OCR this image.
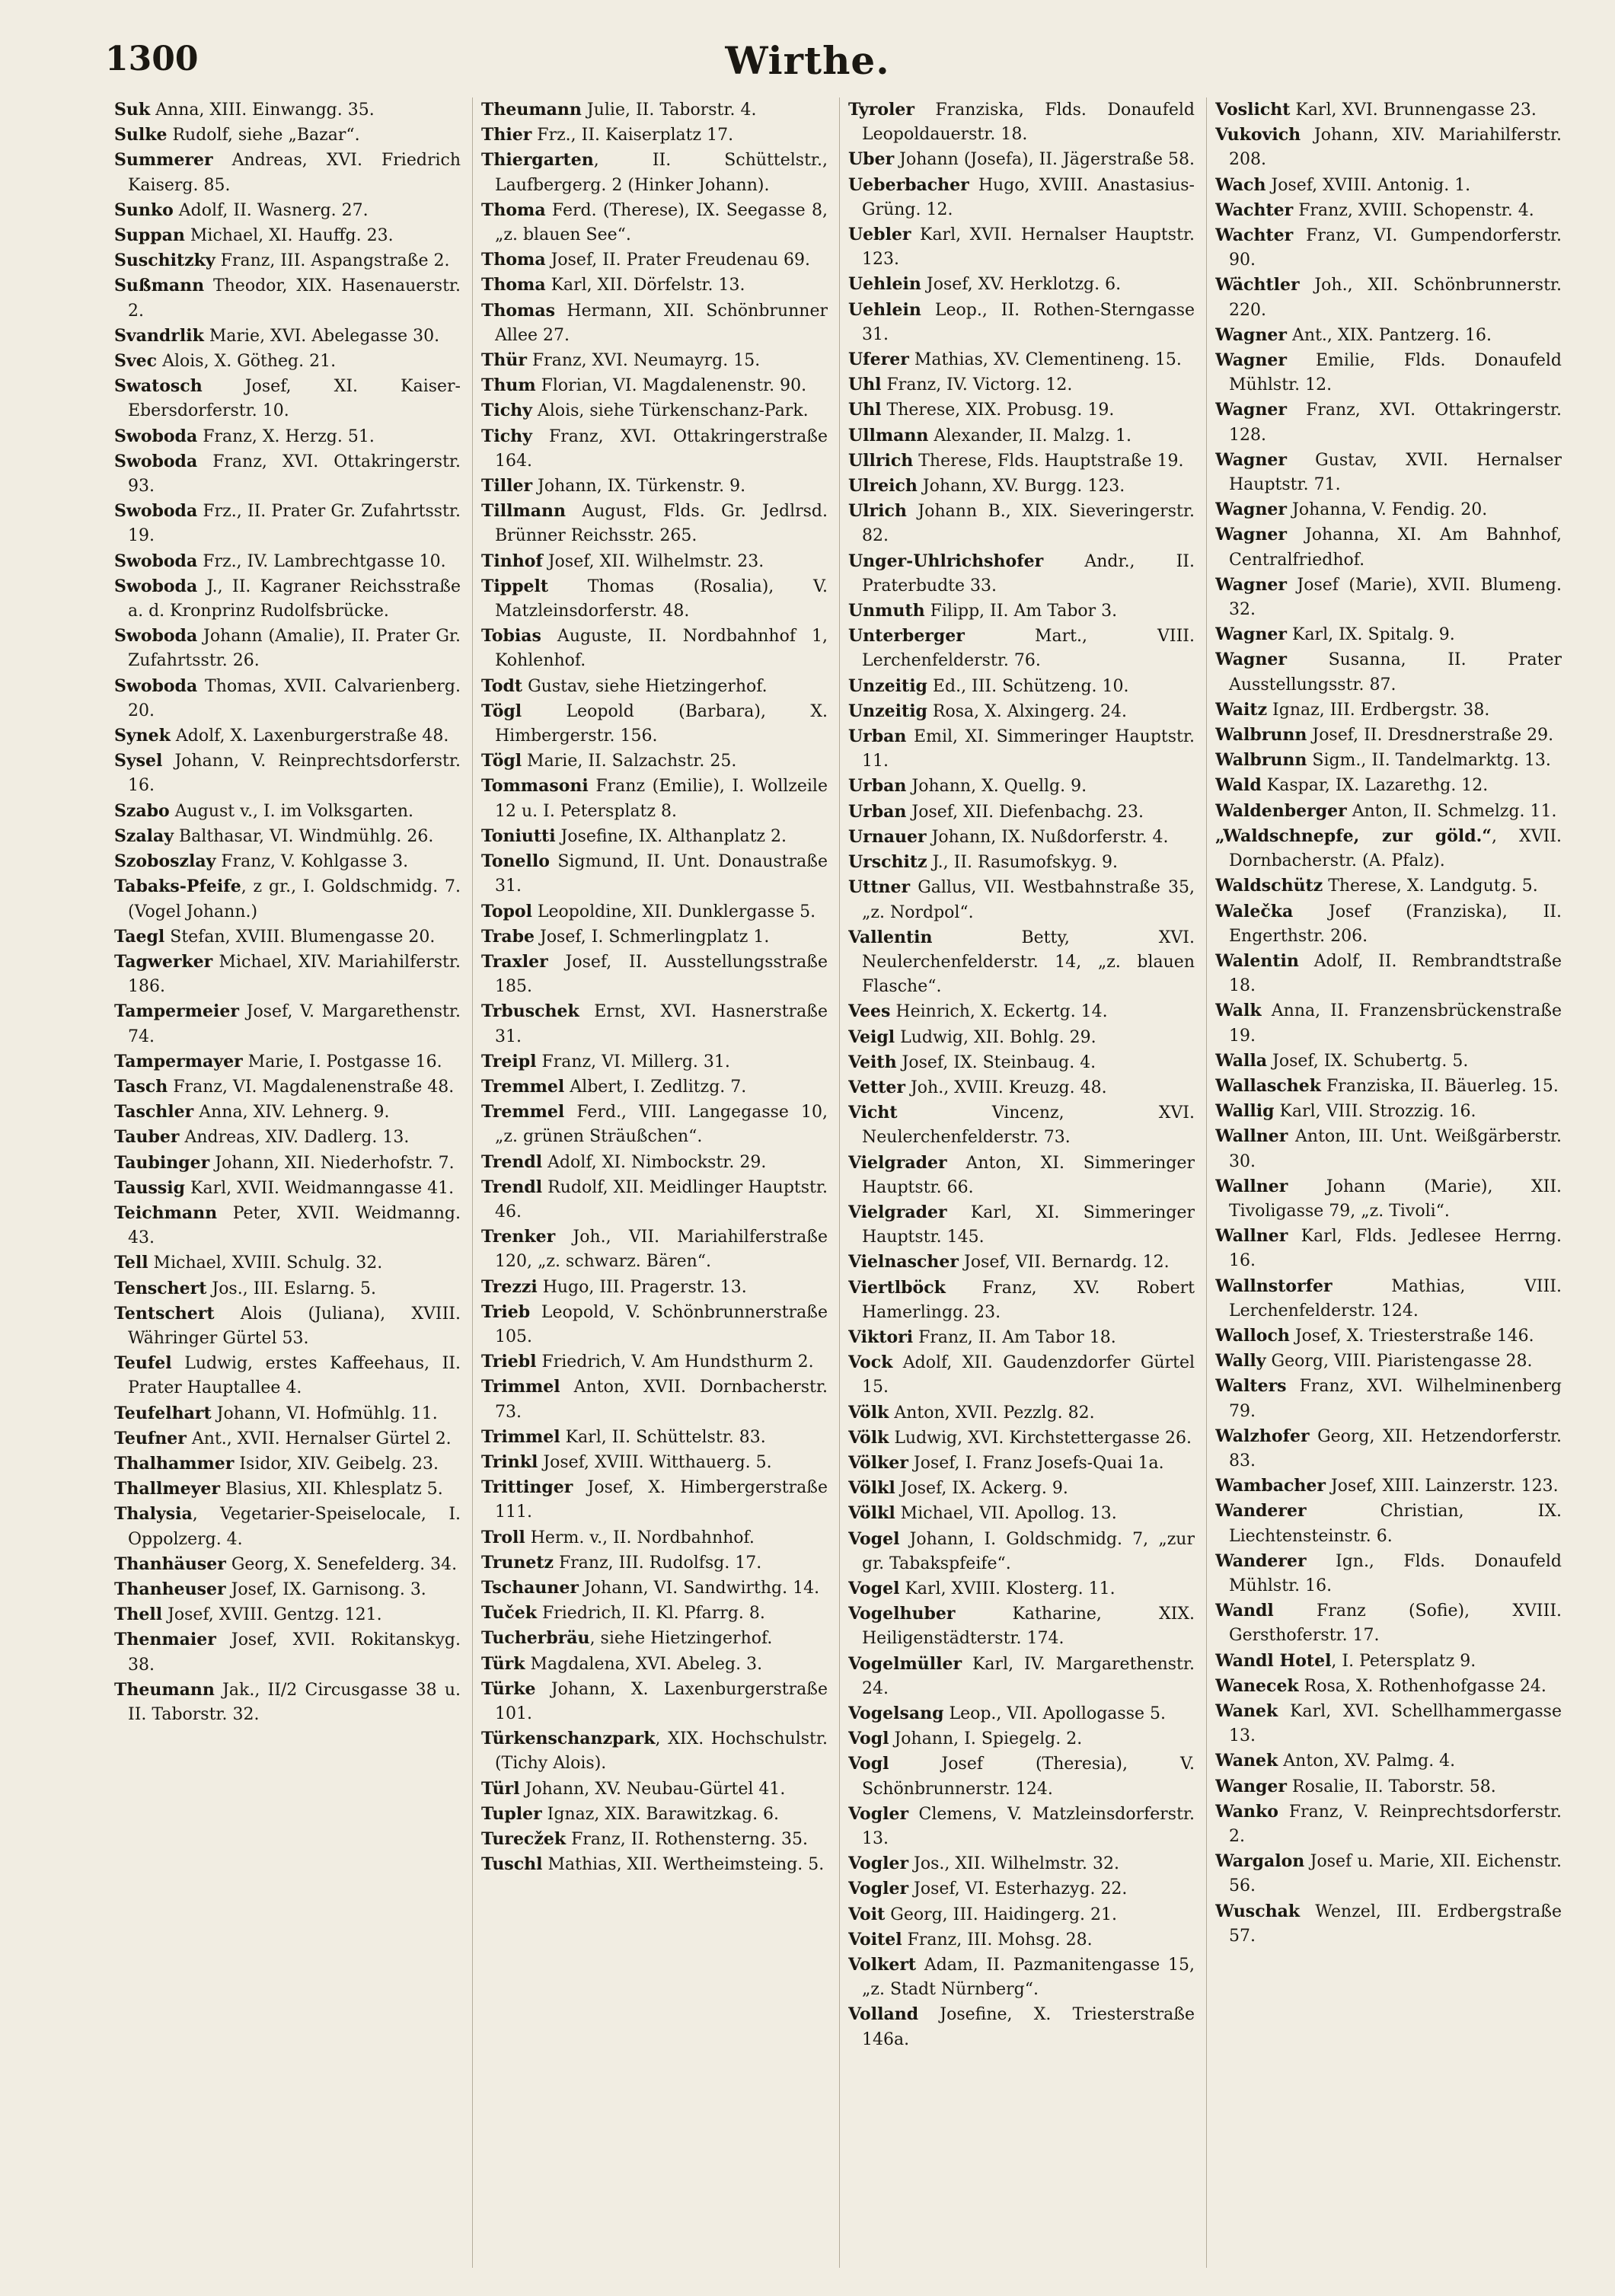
1300	Wirthe.

Suk Anna, XIII. Einwangg. 35.

Sulke Rudolf, siehe „Bazar“.

Summerer Andreas, XVI. Friedrich Kaiserg. 85.

Sunko Adolf, II. Wasnerg. 27.

Suppan Michael, XI. Hauffg. 23.

Suschitzky Franz, III. Aspangstraße 2.

Sußmann Theodor, XIX. Hasenauerstr. 2.

Svandrlik Marie, XVI. Abelegasse 30.

Svec Alois, X. Götheg. 21.

Swatosch Josef, XI. Kaiser-Ebersdorferstr. 10.

Swoboda Franz, X. Herzg. 51.

Swoboda Franz, XVI. Ottakringerstr. 93.

Swoboda Frz., II. Prater Gr. Zufahrtsstr. 19.

Swoboda Frz., IV. Lambrechtgasse 10.

Swoboda J., II. Kagraner Reichsstraße a. d. Kronprinz Rudolfsbrücke.

Swoboda Johann (Amalie), II. Prater Gr. Zufahrtsstr. 26.

Swoboda Thomas, XVII. Calvarienberg. 20.

Synek Adolf, X. Laxenburgerstraße 48.

Sysel Johann, V. Reinprechtsdorferstr. 16.

Szabo August v., I. im Volksgarten.

Szalay Balthasar, VI. Windmühlg. 26.

Szoboszlay Franz, V. Kohlgasse 3.

Tabaks-Pfeife, z gr., I. Goldschmidg. 7. (Vogel Johann.)

Taegl Stefan, XVIII. Blumengasse 20.

Tagwerker Michael, XIV. Mariahilferstr. 186.

Tampermeier Josef, V. Margarethenstr. 74.

Tampermayer Marie, I. Postgasse 16.

Tasch Franz, VI. Magdalenenstraße 48.

Taschler Anna, XIV. Lehnerg. 9.

Tauber Andreas, XIV. Dadlerg. 13.

Taubinger Johann, XII. Niederhofstr. 7.

Taussig Karl, XVII. Weidmanngasse 41.

Teichmann Peter, XVII. Weidmanng. 43.

Tell Michael, XVIII. Schulg. 32.

Tenschert Jos., III. Eslarng. 5.

Tentschert Alois (Juliana), XVIII. Währinger Gürtel 53.

Teufel Ludwig, erstes Kaffeehaus, II. Prater Hauptallee 4.

Teufelhart Johann, VI. Hofmühlg. 11.

Teufner Ant., XVII. Hernalser Gürtel 2.

Thalhammer Isidor, XIV. Geibelg. 23.

Thallmeyer Blasius, XII. Khlesplatz 5.

Thalysia, Vegetarier-Speiselocale, I. Oppolzerg. 4.

Thanhäuser Georg, X. Senefelderg. 34.

Thanheuser Josef, IX. Garnisong. 3.

Thell Josef, XVIII. Gentzg. 121.

Thenmaier Josef, XVII. Rokitanskyg. 38.

Theumann Jak., II/2 Circusgasse 38 u. II. Taborstr. 32.

Theumann Julie, II. Taborstr. 4.

Thier Frz., II. Kaiserplatz 17.

Thiergarten, II. Schüttelstr., Laufbergerg. 2 (Hinker Johann).

Thoma Ferd. (Therese), IX. Seegasse 8, „z. blauen See“.

Thoma Josef, II. Prater Freudenau 69.

Thoma Karl, XII. Dörfelstr. 13.

Thomas Hermann, XII. Schönbrunner Allee 27.

Thür Franz, XVI. Neumayrg. 15.

Thum Florian, VI. Magdalenenstr. 90.

Tichy Alois, siehe Türkenschanz-Park.

Tichy Franz, XVI. Ottakringerstraße 164.

Tiller Johann, IX. Türkenstr. 9.

Tillmann August, Flds. Gr. Jedlrsd. Brünner Reichsstr. 265.

Tinhof Josef, XII. Wilhelmstr. 23.

Tippelt Thomas (Rosalia), V. Matzleinsdorferstr. 48.

Tobias Auguste, II. Nordbahnhof 1, Kohlenhof.

Todt Gustav, siehe Hietzingerhof.

Tögl Leopold (Barbara), X. Himbergerstr. 156.

Tögl Marie, II. Salzachstr. 25.

Tommasoni Franz (Emilie), I. Wollzeile 12 u. I. Petersplatz 8.

Toniutti Josefine, IX. Althanplatz 2.

Tonello Sigmund, II. Unt. Donaustraße 31.

Topol Leopoldine, XII. Dunklergasse 5.

Trabe Josef, I. Schmerlingplatz 1.

Traxler Josef, II. Ausstellungsstraße 185.

Trbuschek Ernst, XVI. Hasnerstraße 31.

Treipl Franz, VI. Millerg. 31.

Tremmel Albert, I. Zedlitzg. 7.

Tremmel Ferd., VIII. Langegasse 10, „z. grünen Sträußchen“.

Trendl Adolf, XI. Nimbockstr. 29.

Trendl Rudolf, XII. Meidlinger Hauptstr. 46.

Trenker Joh., VII. Mariahilferstraße 120, „z. schwarz. Bären“.

Trezzi Hugo, III. Pragerstr. 13.

Trieb Leopold, V. Schönbrunnerstraße 105.

Triebl Friedrich, V. Am Hundsthurm 2.

Trimmel Anton, XVII. Dornbacherstr. 73.

Trimmel Karl, II. Schüttelstr. 83.

Trinkl Josef, XVIII. Witthauerg. 5.

Trittinger Josef, X. Himbergerstraße 111.

Troll Herm. v., II. Nordbahnhof.

Trunetz Franz, III. Rudolfsg. 17.

Tschauner Johann, VI. Sandwirthg. 14.

Tuček Friedrich, II. Kl. Pfarrg. 8.

Tucherbräu, siehe Hietzingerhof.

Türk Magdalena, XVI. Abeleg. 3.

Türke Johann, X. Laxenburgerstraße 101.

Türkenschanzpark, XIX. Hochschulstr. (Tichy Alois).

Türl Johann, XV. Neubau-Gürtel 41.

Tupler Ignaz, XIX. Barawitzkag. 6.

Turecžek Franz, II. Rothensterng. 35.

Tuschl Mathias, XII. Wertheimsteing. 5.

Tyroler Franziska, Flds. Donaufeld Leopoldauerstr. 18.

Uber Johann (Josefa), II. Jägerstraße 58.

Ueberbacher Hugo, XVIII. Anastasius-Grüng. 12.

Uebler Karl, XVII. Hernalser Hauptstr. 123.

Uehlein Josef, XV. Herklotzg. 6.

Uehlein Leop., II. Rothen-Sterngasse 31.

Uferer Mathias, XV. Clementineng. 15.

Uhl Franz, IV. Victorg. 12.

Uhl Therese, XIX. Probusg. 19.

Ullmann Alexander, II. Malzg. 1.

Ullrich Therese, Flds. Hauptstraße 19.

Ulreich Johann, XV. Burgg. 123.

Ulrich Johann B., XIX. Sieveringerstr. 82.

Unger-Uhlrichshofer Andr., II. Praterbudte 33.

Unmuth Filipp, II. Am Tabor 3.

Unterberger Mart., VIII. Lerchenfelderstr. 76.

Unzeitig Ed., III. Schützeng. 10.

Unzeitig Rosa, X. Alxingerg. 24.

Urban Emil, XI. Simmeringer Hauptstr. 11.

Urban Johann, X. Quellg. 9.

Urban Josef, XII. Diefenbachg. 23.

Urnauer Johann, IX. Nußdorferstr. 4.

Urschitz J., II. Rasumofskyg. 9.

Uttner Gallus, VII. Westbahnstraße 35, „z. Nordpol“.

Vallentin Betty, XVI. Neulerchenfelderstr. 14, „z. blauen Flasche“.

Vees Heinrich, X. Eckertg. 14.

Veigl Ludwig, XII. Bohlg. 29.

Veith Josef, IX. Steinbaug. 4.

Vetter Joh., XVIII. Kreuzg. 48.

Vicht Vincenz, XVI. Neulerchenfelderstr. 73.

Vielgrader Anton, XI. Simmeringer Hauptstr. 66.

Vielgrader Karl, XI. Simmeringer Hauptstr. 145.

Vielnascher Josef, VII. Bernardg. 12.

Viertlböck Franz, XV. Robert Hamerlingg. 23.

Viktori Franz, II. Am Tabor 18.

Vock Adolf, XII. Gaudenzdorfer Gürtel 15.

Völk Anton, XVII. Pezzlg. 82.

Völk Ludwig, XVI. Kirchstettergasse 26.

Völker Josef, I. Franz Josefs-Quai 1a.

Völkl Josef, IX. Ackerg. 9.

Völkl Michael, VII. Apollog. 13.

Vogel Johann, I. Goldschmidg. 7, „zur gr. Tabakspfeife“.

Vogel Karl, XVIII. Klosterg. 11.

Vogelhuber Katharine, XIX. Heiligenstädterstr. 174.

Vogelmüller Karl, IV. Margarethenstr. 24.

Vogelsang Leop., VII. Apollogasse 5.

Vogl Johann, I. Spiegelg. 2.

Vogl Josef (Theresia), V. Schönbrunnerstr. 124.

Vogler Clemens, V. Matzleinsdorferstr. 13.

Vogler Jos., XII. Wilhelmstr. 32.

Vogler Josef, VI. Esterhazyg. 22.

Voit Georg, III. Haidingerg. 21.

Voitel Franz, III. Mohsg. 28.

Volkert Adam, II. Pazmanitengasse 15, „z. Stadt Nürnberg“.

Volland Josefine, X. Triesterstraße 146a.

Voslicht Karl, XVI. Brunnengasse 23.

Vukovich Johann, XIV. Mariahilferstr. 208.

Wach Josef, XVIII. Antonig. 1.

Wachter Franz, XVIII. Schopenstr. 4.

Wachter Franz, VI. Gumpendorferstr. 90.

Wächtler Joh., XII. Schönbrunnerstr. 220.

Wagner Ant., XIX. Pantzerg. 16.

Wagner Emilie, Flds. Donaufeld Mühlstr. 12.

Wagner Franz, XVI. Ottakringerstr. 128.

Wagner Gustav, XVII. Hernalser Hauptstr. 71.

Wagner Johanna, V. Fendig. 20.

Wagner Johanna, XI. Am Bahnhof, Centralfriedhof.

Wagner Josef (Marie), XVII. Blumeng. 32.

Wagner Karl, IX. Spitalg. 9.

Wagner Susanna, II. Prater Ausstellungsstr. 87.

Waitz Ignaz, III. Erdbergstr. 38.

Walbrunn Josef, II. Dresdnerstraße 29.

Walbrunn Sigm., II. Tandelmarktg. 13.

Wald Kaspar, IX. Lazarethg. 12.

Waldenberger Anton, II. Schmelzg. 11.

„Waldschnepfe, zur göld.“, XVII. Dornbacherstr. (A. Pfalz).

Waldschütz Therese, X. Landgutg. 5.

Walečka Josef (Franziska), II. Engerthstr. 206.

Walentin Adolf, II. Rembrandtstraße 18.

Walk Anna, II. Franzensbrückenstraße 19.

Walla Josef, IX. Schubertg. 5.

Wallaschek Franziska, II. Bäuerleg. 15.

Wallig Karl, VIII. Strozzig. 16.

Wallner Anton, III. Unt. Weißgärberstr. 30.

Wallner Johann (Marie), XII. Tivoligasse 79, „z. Tivoli“.

Wallner Karl, Flds. Jedlesee Herrng. 16.

Wallnstorfer Mathias, VIII. Lerchenfelderstr. 124.

Walloch Josef, X. Triesterstraße 146.

Wally Georg, VIII. Piaristengasse 28.

Walters Franz, XVI. Wilhelminenberg 79.

Walzhofer Georg, XII. Hetzendorferstr. 83.

Wambacher Josef, XIII. Lainzerstr. 123.

Wanderer Christian, IX. Liechtensteinstr. 6.

Wanderer Ign., Flds. Donaufeld Mühlstr. 16.

Wandl Franz (Sofie), XVIII. Gersthoferstr. 17.

Wandl Hotel, I. Petersplatz 9.

Wanecek Rosa, X. Rothenhofgasse 24.

Wanek Karl, XVI. Schellhammergasse 13.

Wanek Anton, XV. Palmg. 4.

Wanger Rosalie, II. Taborstr. 58.

Wanko Franz, V. Reinprechtsdorferstr. 2.

Wargalon Josef u. Marie, XII. Eichenstr. 56.

Wuschak Wenzel, III. Erdbergstraße 57.
